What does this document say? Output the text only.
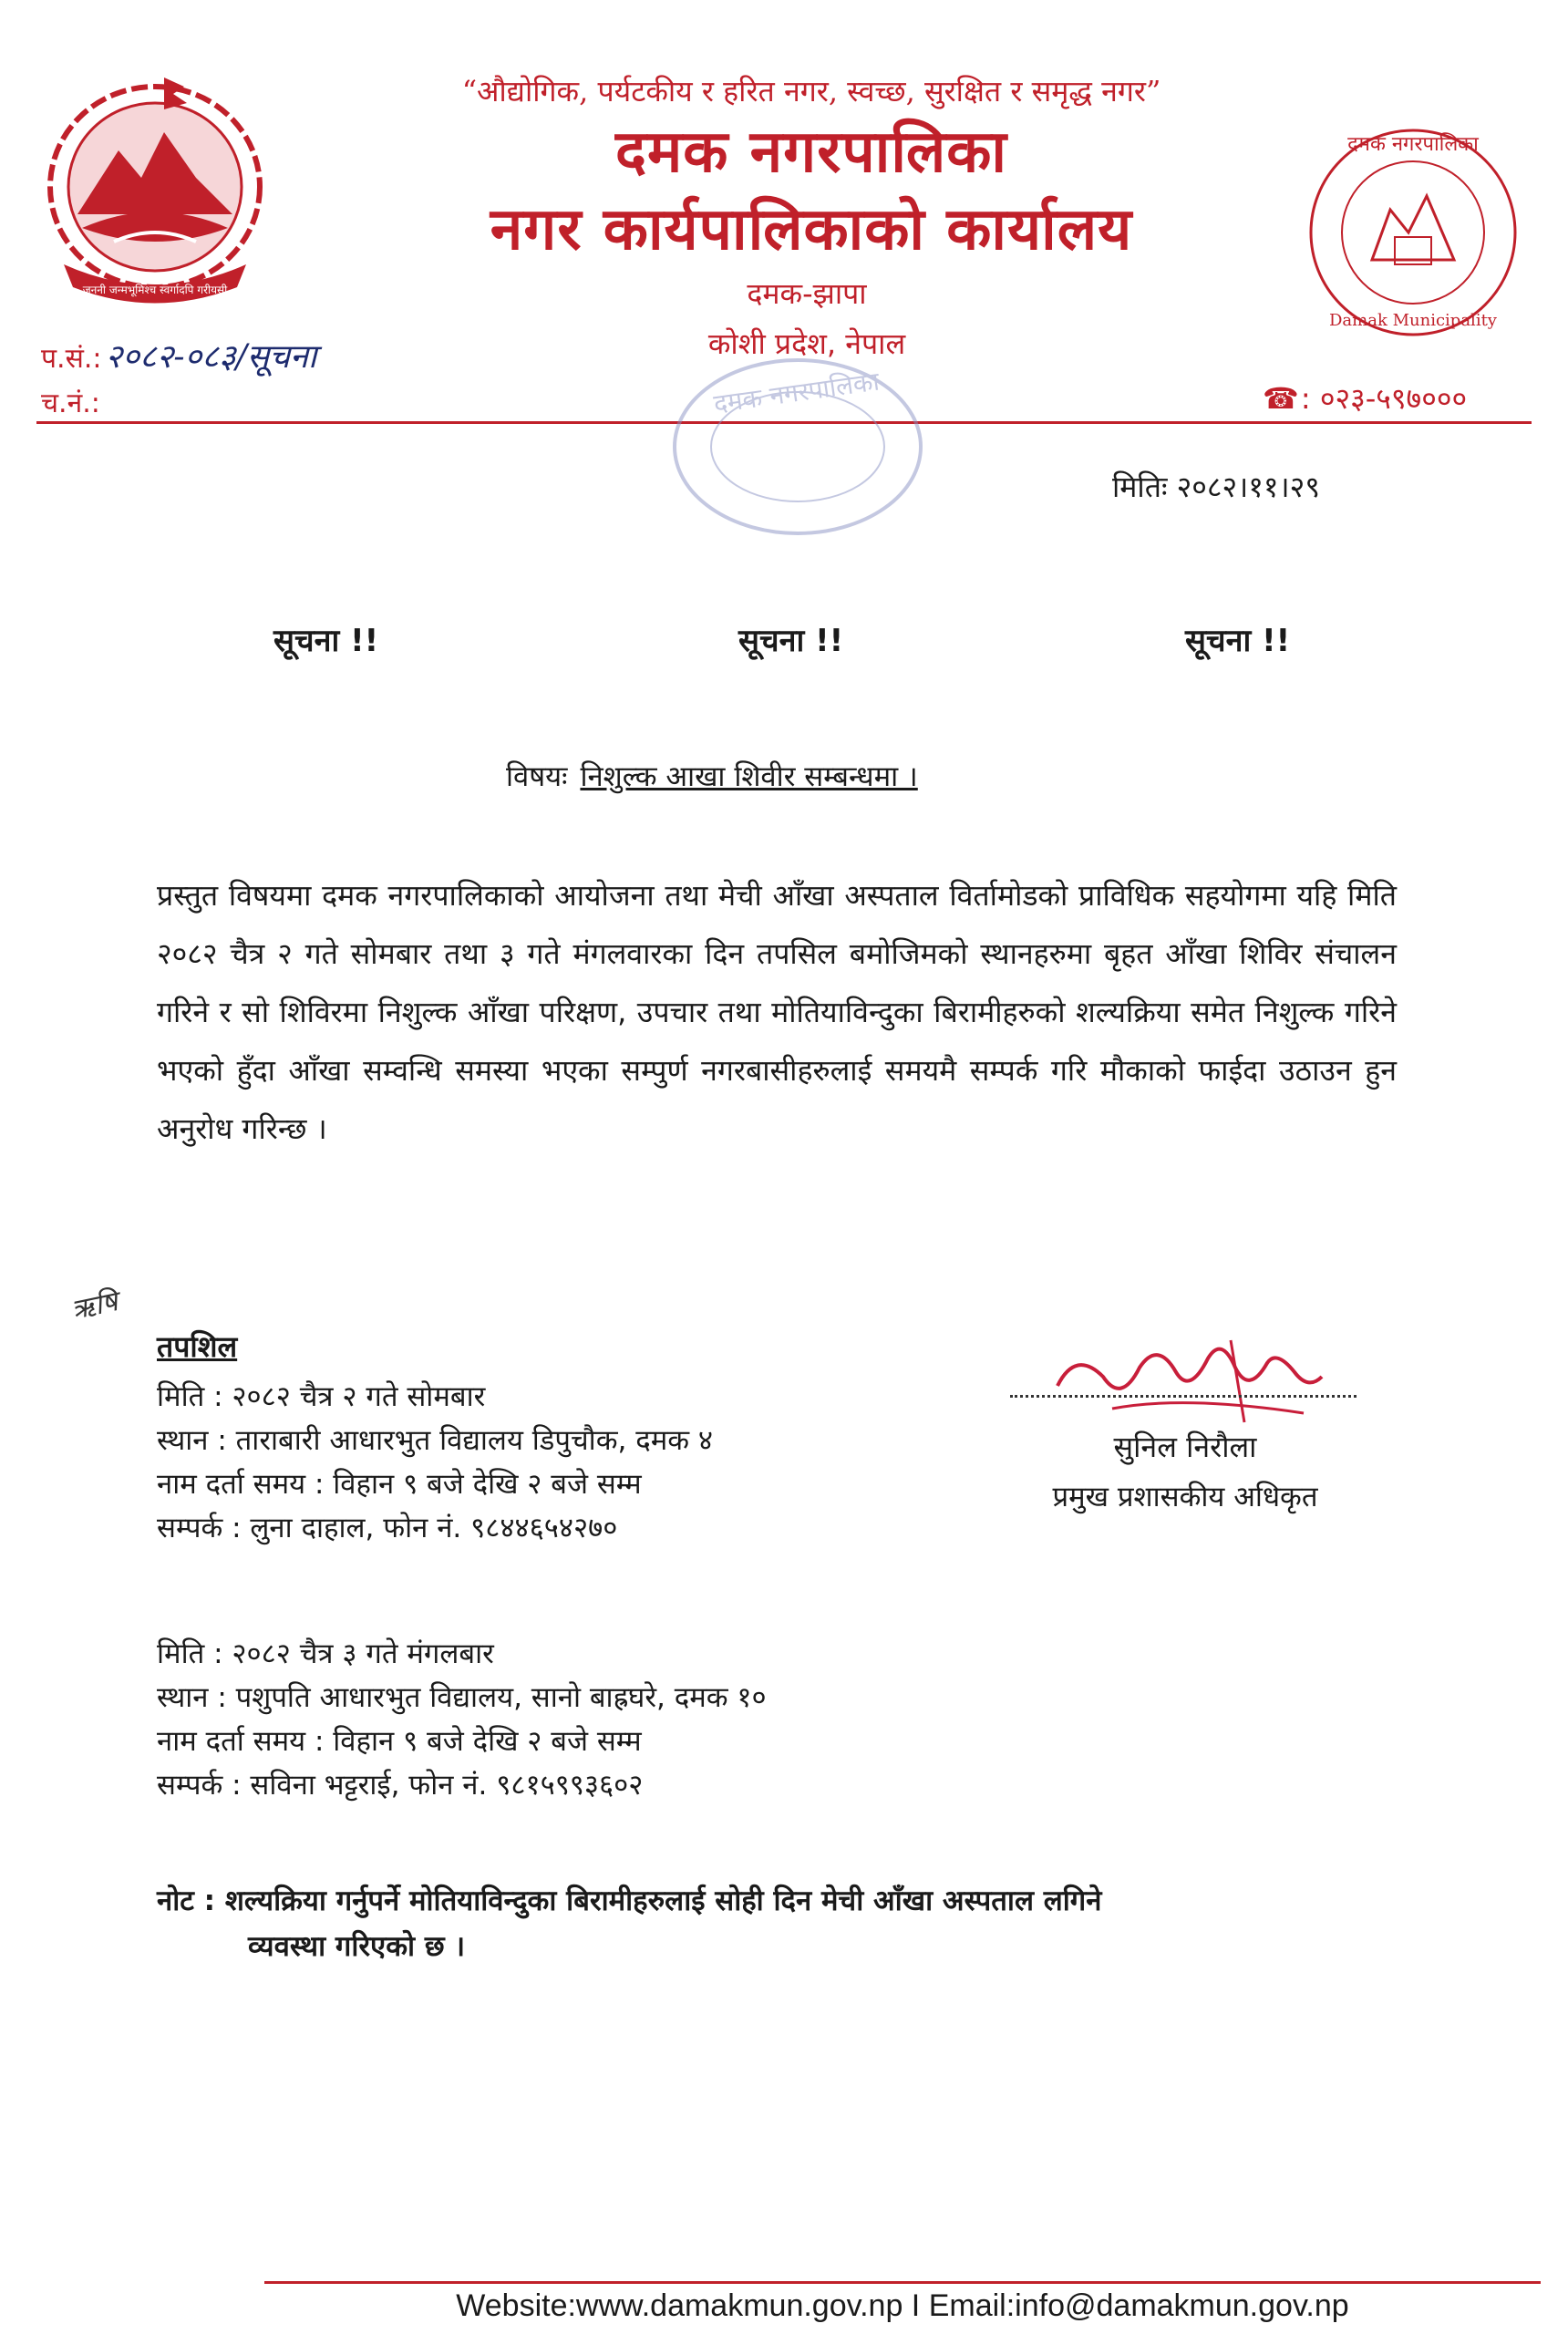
जननी जन्मभूमिश्च स्वर्गादपि गरीयसी
दमक नगरपालिका
Damak Municipality
“औद्योगिक, पर्यटकीय र हरित नगर, स्वच्छ, सुरक्षित र समृद्ध नगर”
दमक नगरपालिका
नगर कार्यपालिकाको कार्यालय
दमक-झापा
कोशी प्रदेश, नेपाल
प.सं.: २०८२-०८३/सूचना
च.नं.:	☎: ०२३-५९७०००
दमक नगरपालिका
मितिः २०८२।११।२९
सूचना !!	सूचना !!	सूचना !!
विषयः निशुल्क आखा शिवीर सम्बन्धमा ।
प्रस्तुत विषयमा दमक नगरपालिकाको आयोजना तथा मेची आँखा अस्पताल विर्तामोडको प्राविधिक सहयोगमा यहि मिति २०८२ चैत्र २ गते सोमबार तथा ३ गते मंगलवारका दिन तपसिल बमोजिमको स्थानहरुमा बृहत आँखा शिविर संचालन गरिने र सो शिविरमा निशुल्क आँखा परिक्षण, उपचार तथा मोतियाविन्दुका बिरामीहरुको शल्यक्रिया समेत निशुल्क गरिने भएको हुँदा आँखा सम्वन्धि समस्या भएका सम्पुर्ण नगरबासीहरुलाई समयमै सम्पर्क गरि मौकाको फाईदा उठाउन हुन अनुरोध गरिन्छ ।
ऋषि
तपशिल
मिति : २०८२ चैत्र २ गते सोमबार
स्थान : ताराबारी आधारभुत विद्यालय डिपुचौक, दमक ४
नाम दर्ता समय : विहान ९ बजे देखि २ बजे सम्म
सम्पर्क : लुना दाहाल, फोन नं. ९८४४६५४२७०
मिति : २०८२ चैत्र ३ गते मंगलबार
स्थान : पशुपति आधारभुत विद्यालय, सानो बाह्रघरे, दमक १०
नाम दर्ता समय : विहान ९ बजे देखि २ बजे सम्म
सम्पर्क : सविना भट्टराई, फोन नं. ९८१५९९३६०२
सुनिल निरौला
प्रमुख प्रशासकीय अधिकृत
नोट : शल्यक्रिया गर्नुपर्ने मोतियाविन्दुका बिरामीहरुलाई सोही दिन मेची आँखा अस्पताल लगिने
व्यवस्था गरिएको छ ।
Website:www.damakmun.gov.np I Email:info@damakmun.gov.np
